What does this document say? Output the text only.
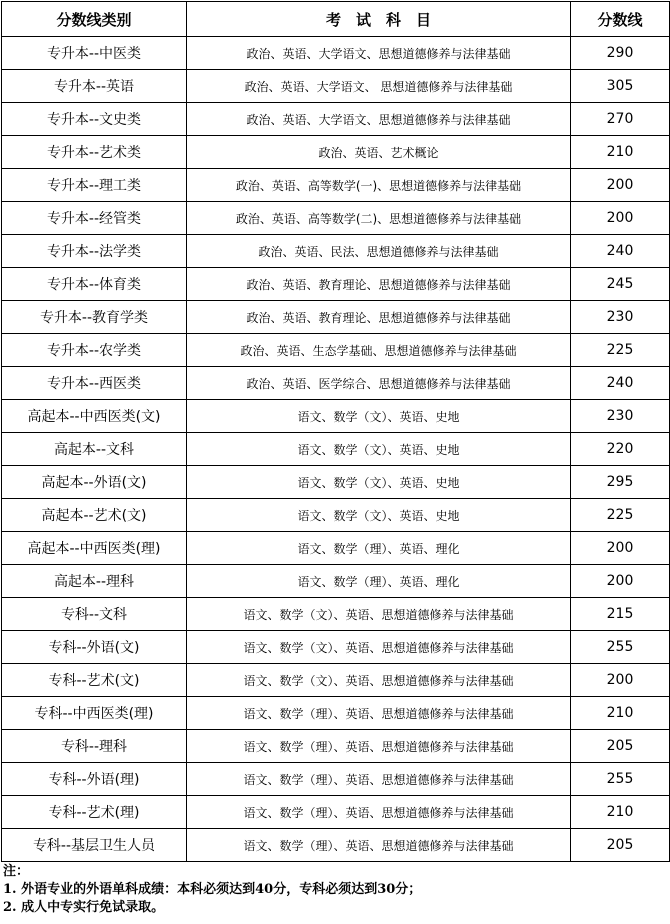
分数线类别	考　试　科　目	分数线
专升本--中医类	政治、英语、大学语文、思想道德修养与法律基础	290
专升本--英语	政治、英语、大学语文、 思想道德修养与法律基础	305
专升本--文史类	政治、英语、大学语文、思想道德修养与法律基础	270
专升本--艺术类	政治、英语、艺术概论	210
专升本--理工类	政治、英语、高等数学(一)、思想道德修养与法律基础	200
专升本--经管类	政治、英语、高等数学(二)、思想道德修养与法律基础	200
专升本--法学类	政治、英语、民法、思想道德修养与法律基础	240
专升本--体育类	政治、英语、教育理论、思想道德修养与法律基础	245
专升本--教育学类	政治、英语、教育理论、思想道德修养与法律基础	230
专升本--农学类	政治、英语、生态学基础、思想道德修养与法律基础	225
专升本--西医类	政治、英语、医学综合、思想道德修养与法律基础	240
高起本--中西医类(文)	语文、数学（文）、英语、史地	230
高起本--文科	语文、数学（文）、英语、史地	220
高起本--外语(文)	语文、数学（文）、英语、史地	295
高起本--艺术(文)	语文、数学（文）、英语、史地	225
高起本--中西医类(理)	语文、数学（理）、英语、理化	200
高起本--理科	语文、数学（理）、英语、理化	200
专科--文科	语文、数学（文）、英语、思想道德修养与法律基础	215
专科--外语(文)	语文、数学（文）、英语、思想道德修养与法律基础	255
专科--艺术(文)	语文、数学（文）、英语、思想道德修养与法律基础	200
专科--中西医类(理)	语文、数学（理）、英语、思想道德修养与法律基础	210
专科--理科	语文、数学（理）、英语、思想道德修养与法律基础	205
专科--外语(理)	语文、数学（理）、英语、思想道德修养与法律基础	255
专科--艺术(理)	语文、数学（理）、英语、思想道德修养与法律基础	210
专科--基层卫生人员	语文、数学（理）、英语、思想道德修养与法律基础	205
注：
1. 外语专业的外语单科成绩：本科必须达到40分，专科必须达到30分；
2. 成人中专实行免试录取。
